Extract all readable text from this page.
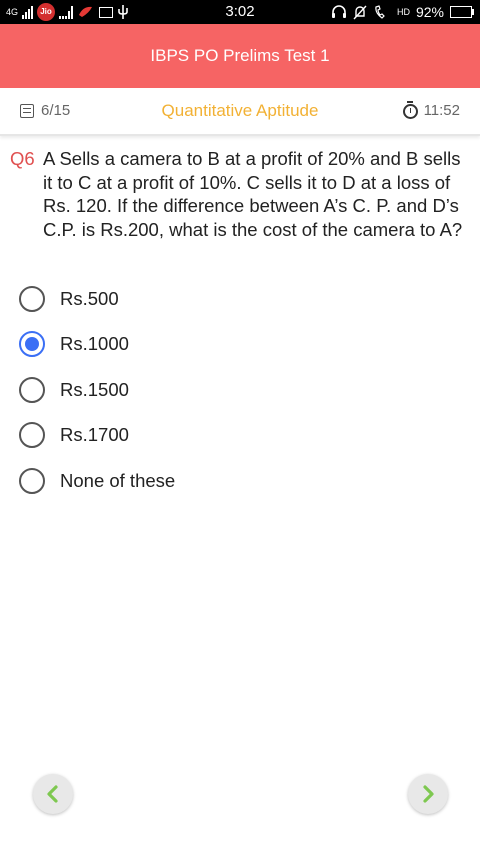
4G	Jio	3:02	HD 92%
IBPS PO Prelims Test 1
6/15	Quantitative Aptitude	11:52
Q6 A Sells a camera to B at a profit of 20% and B sells it to C at a profit of 10%. C sells it to D at a loss of Rs. 120. If the difference between A’s C. P. and D’s C.P. is Rs.200, what is the cost of the camera to A?
Rs.500
Rs.1000
Rs.1500
Rs.1700
None of these
